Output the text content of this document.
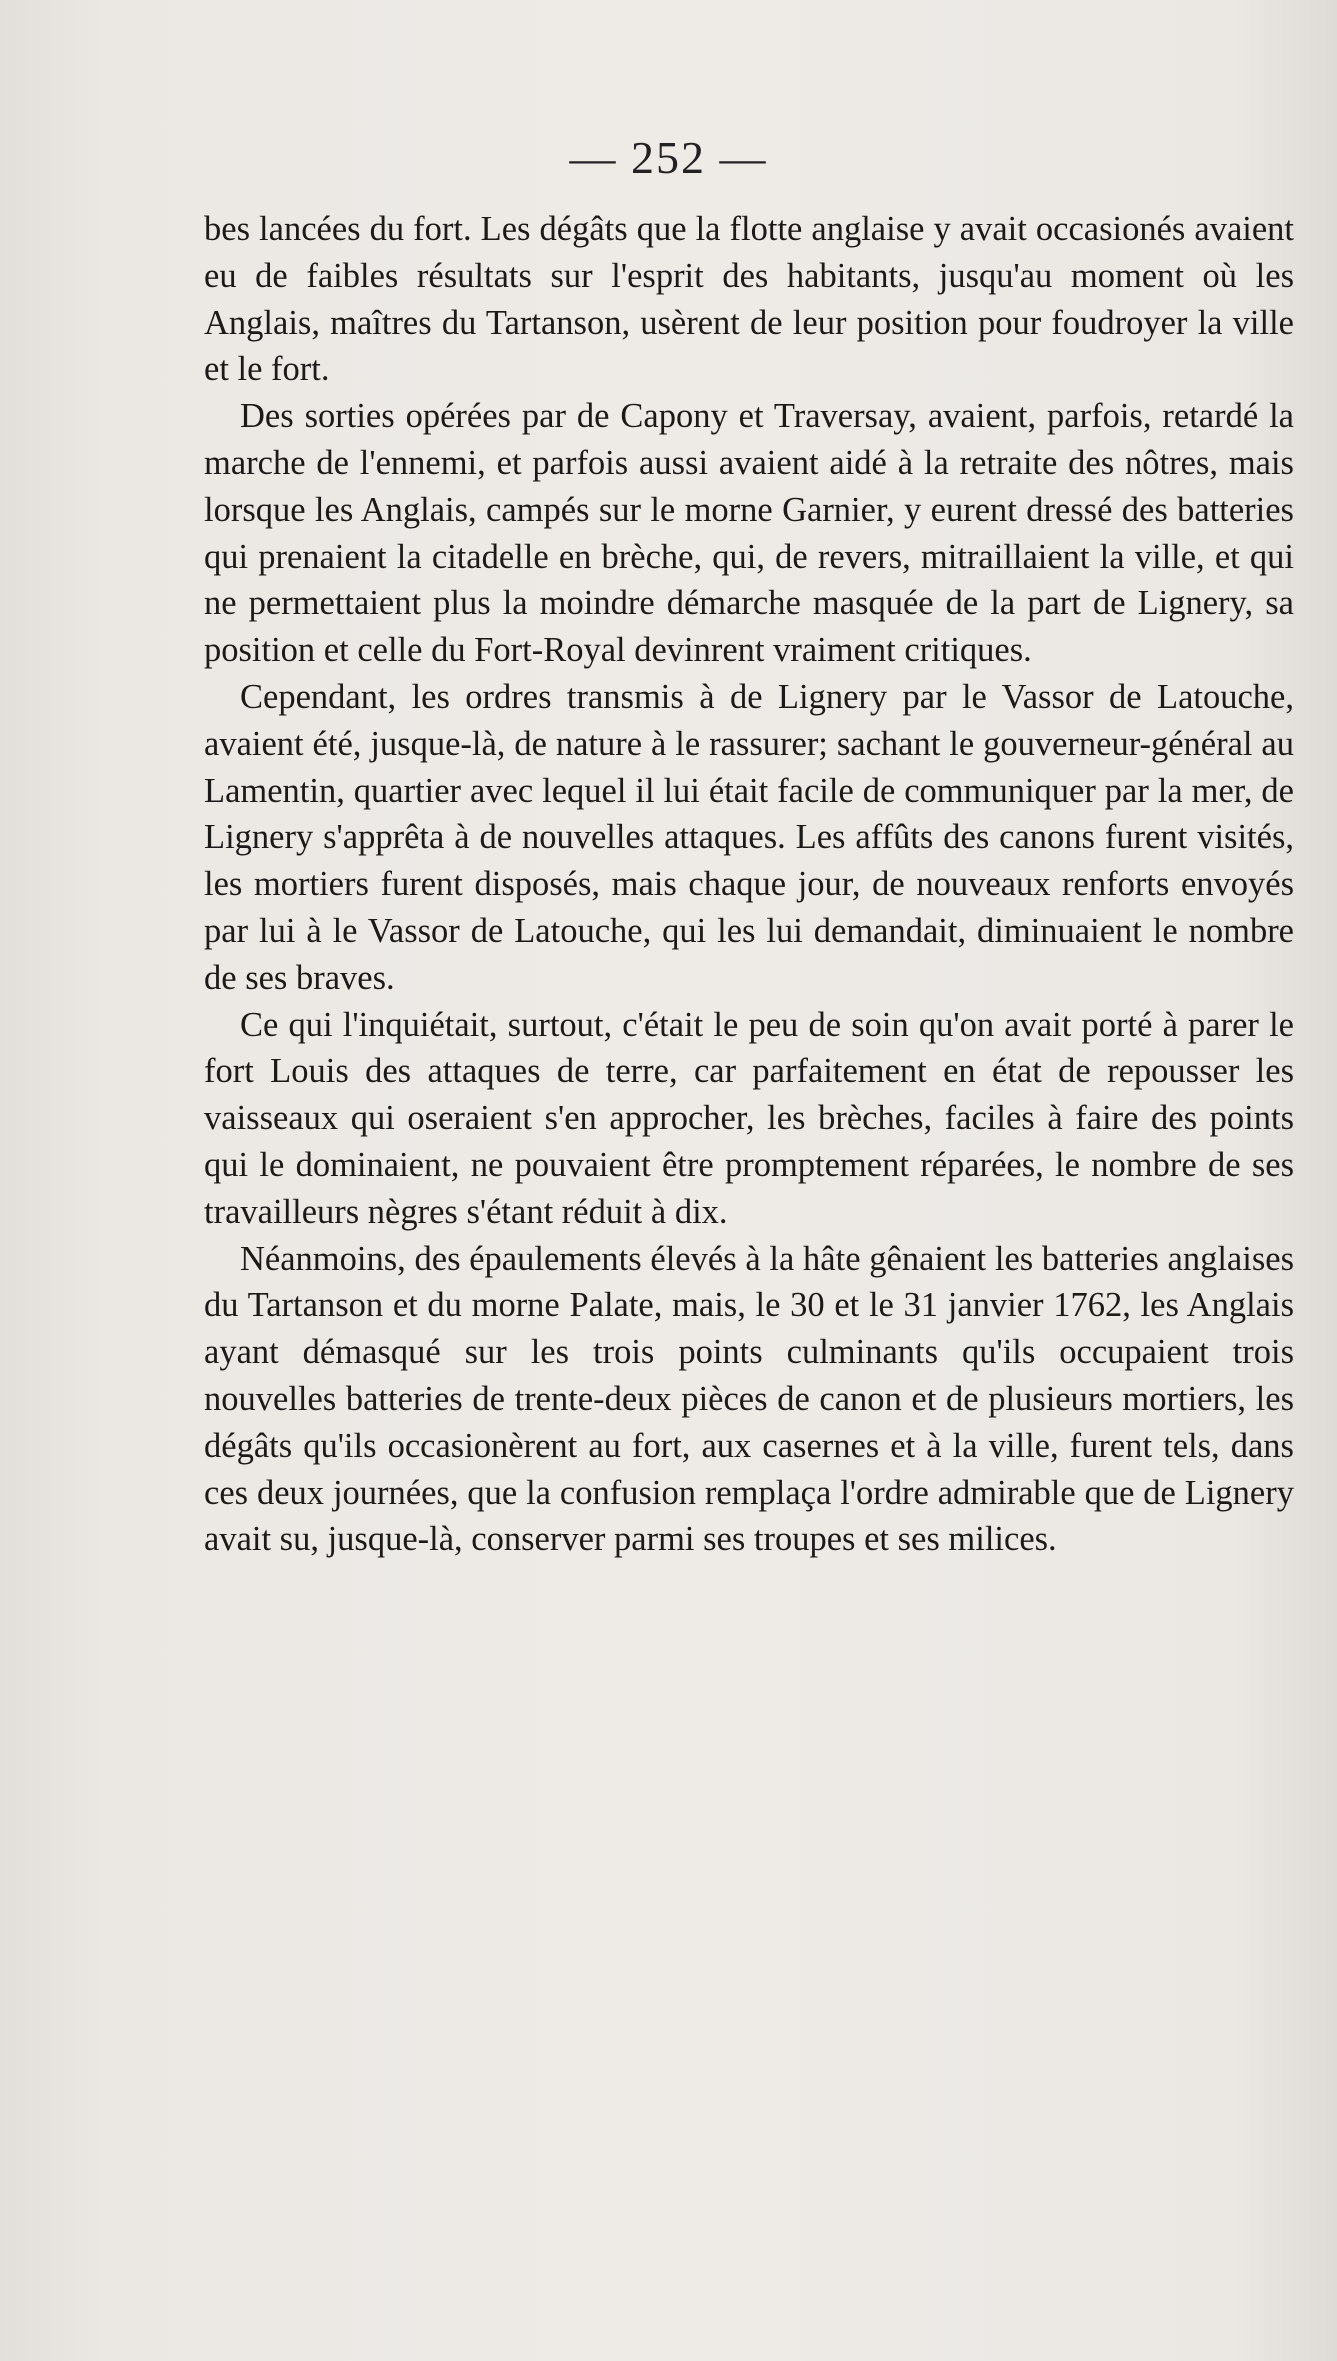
— 252 —

bes lancées du fort. Les dégâts que la flotte anglaise y avait occasionés avaient eu de faibles résultats sur l'esprit des habitants, jusqu'au moment où les Anglais, maîtres du Tartanson, usèrent de leur position pour foudroyer la ville et le fort.

Des sorties opérées par de Capony et Traversay, avaient, parfois, retardé la marche de l'ennemi, et parfois aussi avaient aidé à la retraite des nôtres, mais lorsque les Anglais, campés sur le morne Garnier, y eurent dressé des batteries qui prenaient la citadelle en brèche, qui, de revers, mitraillaient la ville, et qui ne permettaient plus la moindre démarche masquée de la part de Lignery, sa position et celle du Fort-Royal devinrent vraiment critiques.

Cependant, les ordres transmis à de Lignery par le Vassor de Latouche, avaient été, jusque-là, de nature à le rassurer; sachant le gouverneur-général au Lamentin, quartier avec lequel il lui était facile de communiquer par la mer, de Lignery s'apprêta à de nouvelles attaques. Les affûts des canons furent visités, les mortiers furent disposés, mais chaque jour, de nouveaux renforts envoyés par lui à le Vassor de Latouche, qui les lui demandait, diminuaient le nombre de ses braves.

Ce qui l'inquiétait, surtout, c'était le peu de soin qu'on avait porté à parer le fort Louis des attaques de terre, car parfaitement en état de repousser les vaisseaux qui oseraient s'en approcher, les brèches, faciles à faire des points qui le dominaient, ne pouvaient être promptement réparées, le nombre de ses travailleurs nègres s'étant réduit à dix.

Néanmoins, des épaulements élevés à la hâte gênaient les batteries anglaises du Tartanson et du morne Palate, mais, le 30 et le 31 janvier 1762, les Anglais ayant démasqué sur les trois points culminants qu'ils occupaient trois nouvelles batteries de trente-deux pièces de canon et de plusieurs mortiers, les dégâts qu'ils occasionèrent au fort, aux casernes et à la ville, furent tels, dans ces deux journées, que la confusion remplaça l'ordre admirable que de Lignery avait su, jusque-là, conserver parmi ses troupes et ses milices.
